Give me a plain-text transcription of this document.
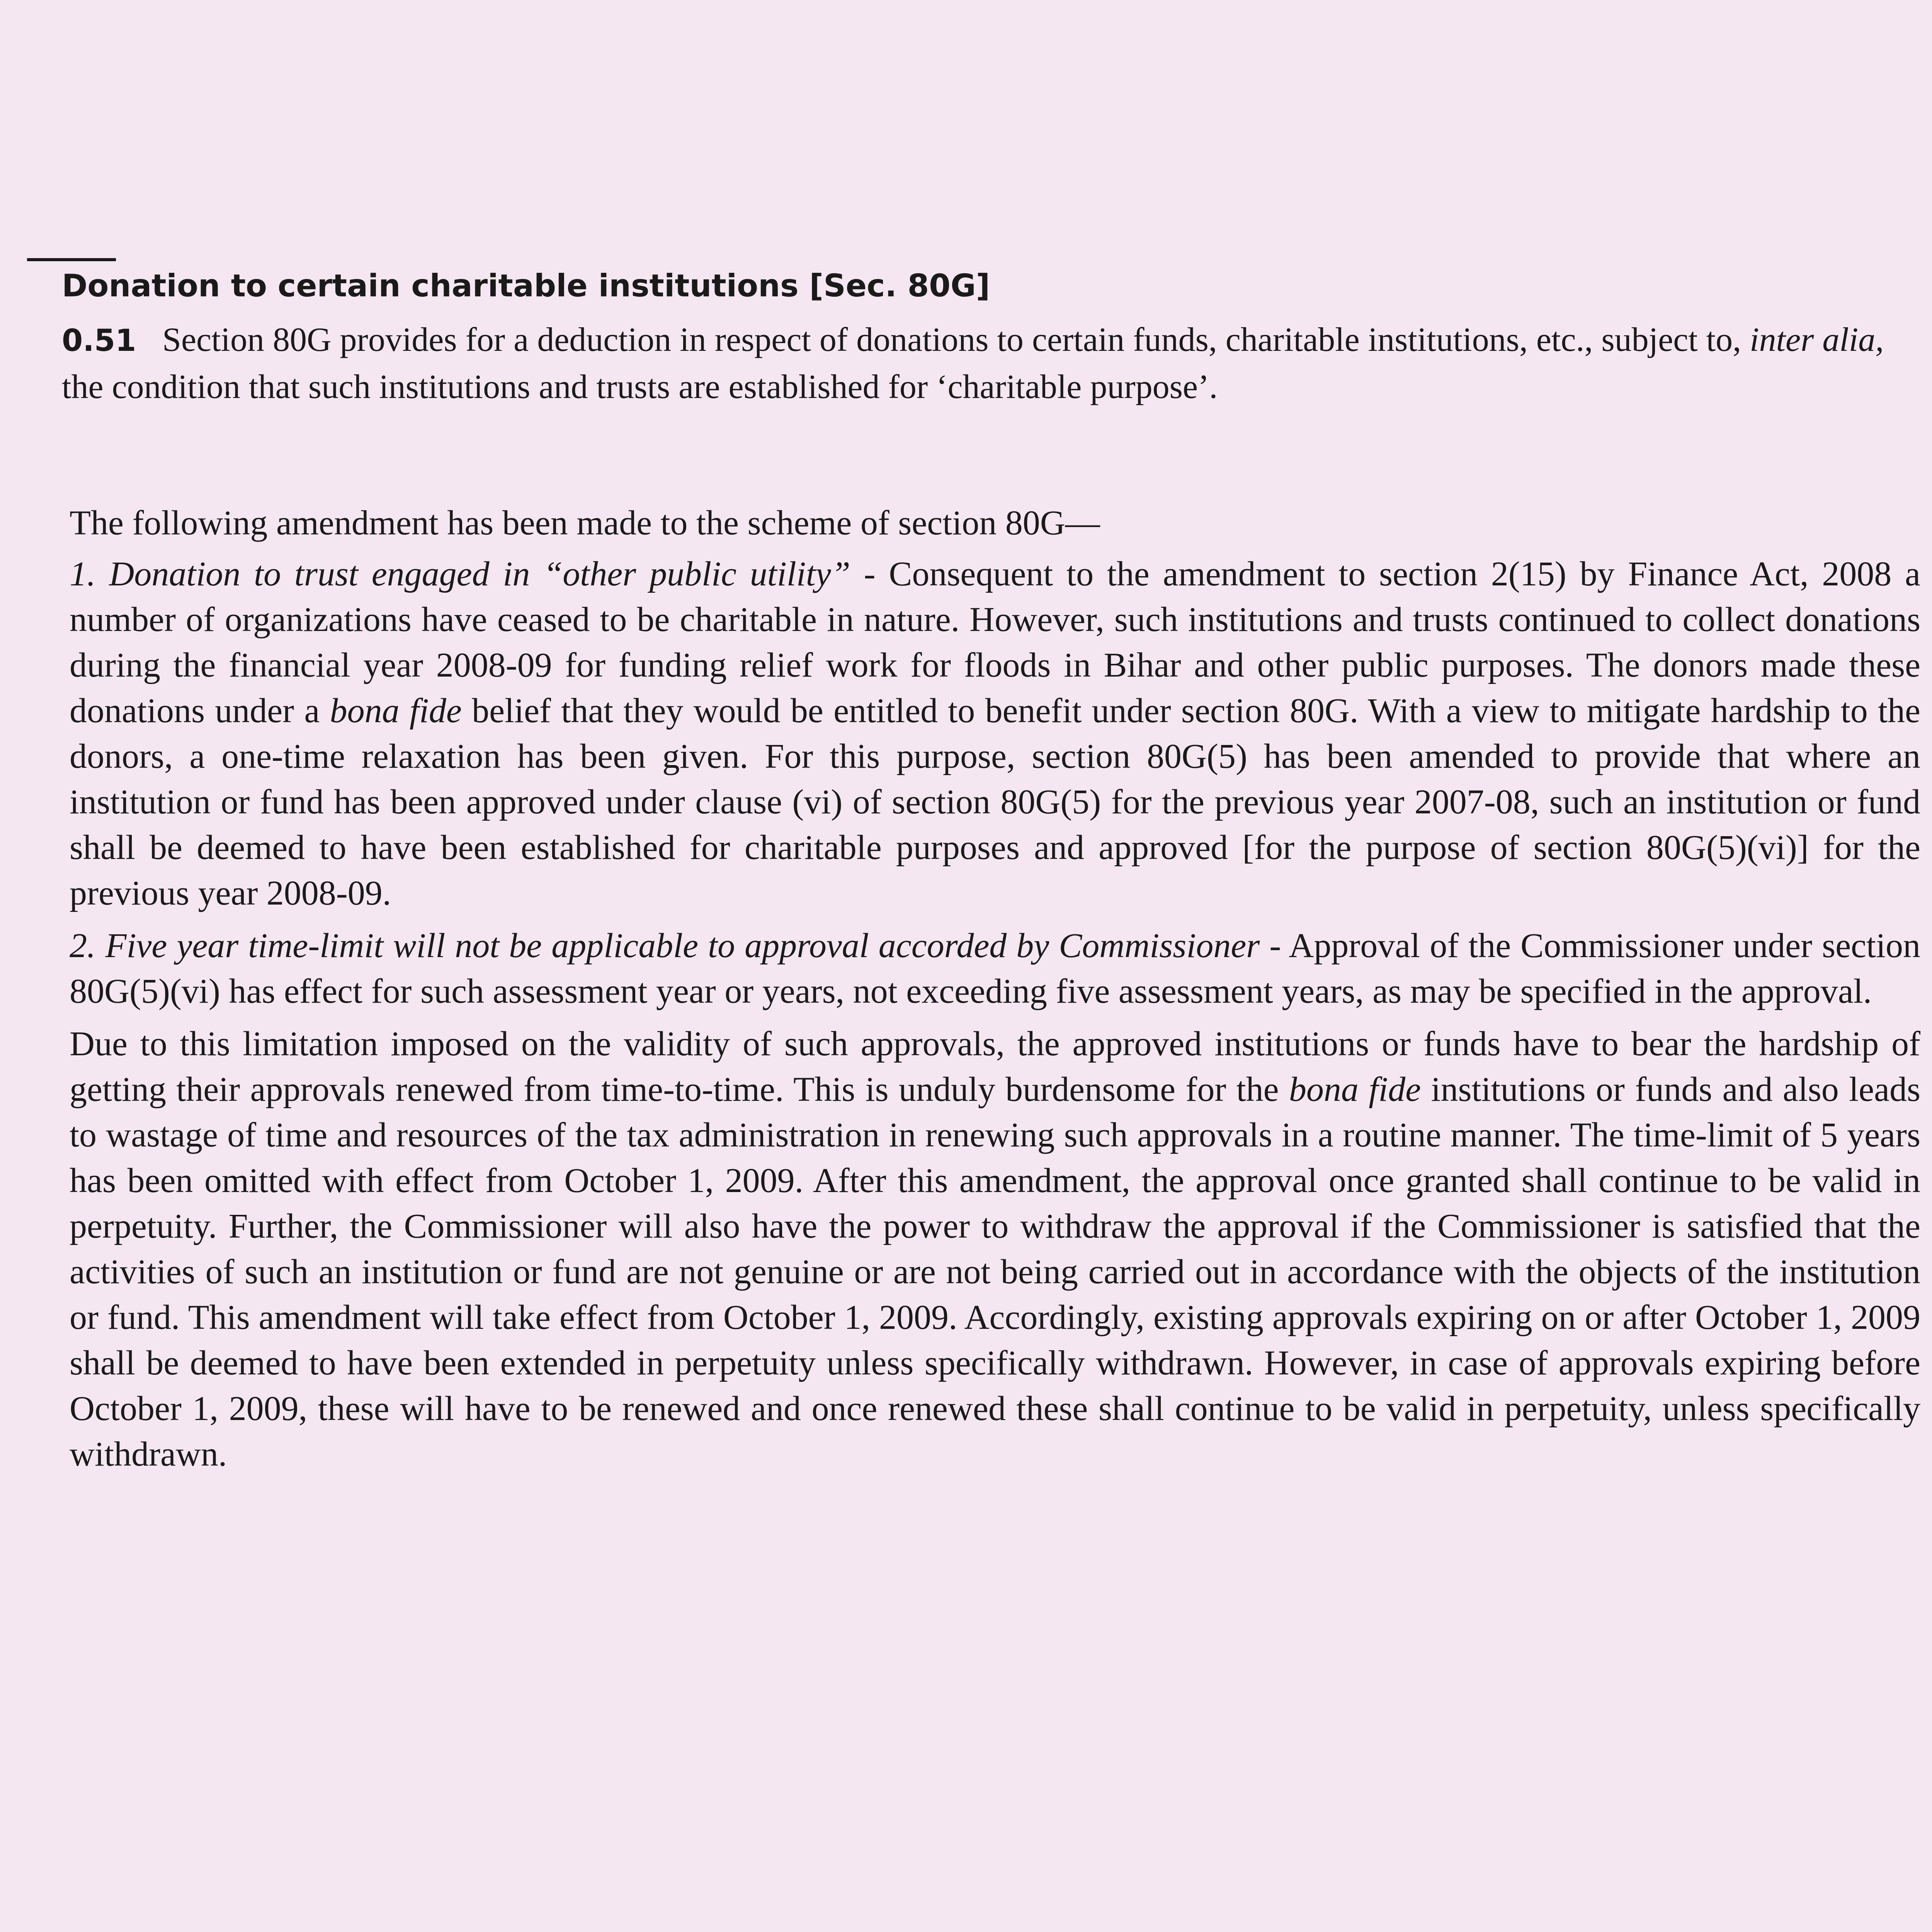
Donation to certain charitable institutions [Sec. 80G]

0.51 Section 80G provides for a deduction in respect of donations to certain funds, charitable institutions, etc., subject to, inter alia, the condition that such institutions and trusts are established for ‘charitable purpose’.

The following amendment has been made to the scheme of section 80G—

1. Donation to trust engaged in “other public utility” - Consequent to the amendment to section 2(15) by Finance Act, 2008 a number of organizations have ceased to be charitable in nature. However, such institutions and trusts continued to collect donations during the financial year 2008-09 for funding relief work for floods in Bihar and other public purposes. The donors made these donations under a bona fide belief that they would be entitled to benefit under section 80G. With a view to mitigate hardship to the donors, a one-time relaxation has been given. For this purpose, section 80G(5) has been amended to provide that where an institution or fund has been approved under clause (vi) of section 80G(5) for the previous year 2007-08, such an institution or fund shall be deemed to have been established for charitable purposes and approved [for the purpose of section 80G(5)(vi)] for the previous year 2008-09.

2. Five year time-limit will not be applicable to approval accorded by Commissioner - Approval of the Commissioner under section 80G(5)(vi) has effect for such assessment year or years, not exceeding five assessment years, as may be specified in the approval.

Due to this limitation imposed on the validity of such approvals, the approved institutions or funds have to bear the hardship of getting their approvals renewed from time-to-time. This is unduly burdensome for the bona fide institutions or funds and also leads to wastage of time and resources of the tax administration in renewing such approvals in a routine manner. The time-limit of 5 years has been omitted with effect from October 1, 2009. After this amendment, the approval once granted shall continue to be valid in perpetuity. Further, the Commissioner will also have the power to withdraw the approval if the Commissioner is satisfied that the activities of such an institution or fund are not genuine or are not being carried out in accordance with the objects of the institution or fund. This amendment will take effect from October 1, 2009. Accordingly, existing approvals expiring on or after October 1, 2009 shall be deemed to have been extended in perpetuity unless specifically withdrawn. However, in case of approvals expiring before October 1, 2009, these will have to be renewed and once renewed these shall continue to be valid in perpetuity, unless specifically withdrawn.
